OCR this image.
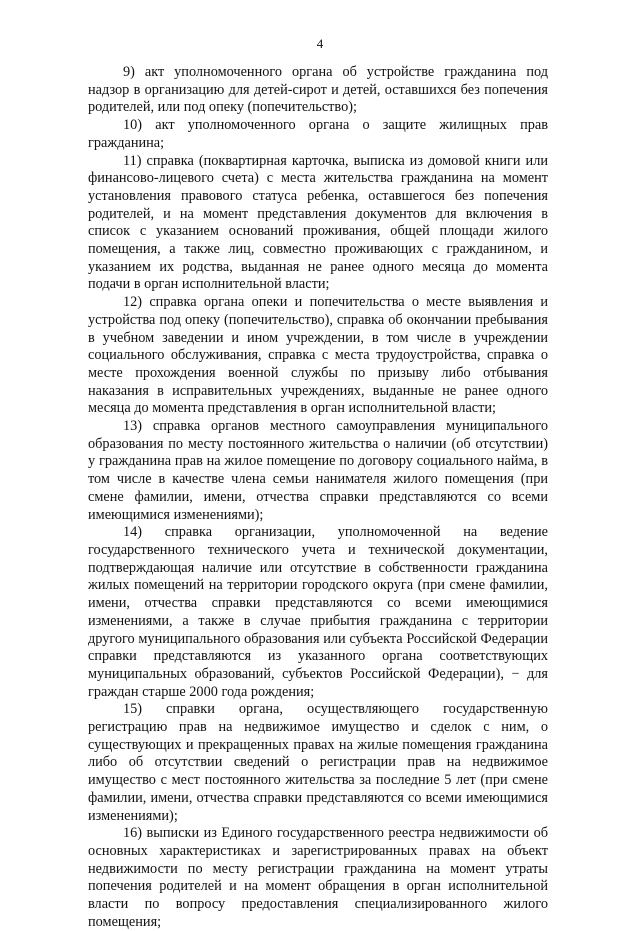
4

9) акт уполномоченного органа об устройстве гражданина под надзор в организацию для детей-сирот и детей, оставшихся без попечения родителей, или под опеку (попечительство);

10) акт уполномоченного органа о защите жилищных прав гражданина;

11) справка (поквартирная карточка, выписка из домовой книги или финансово-лицевого счета) с места жительства гражданина на момент установления правового статуса ребенка, оставшегося без попечения родителей, и на момент представления документов для включения в список с указанием оснований проживания, общей площади жилого помещения, а также лиц, совместно проживающих с гражданином, и указанием их родства, выданная не ранее одного месяца до момента подачи в орган исполнительной власти;

12) справка органа опеки и попечительства о месте выявления и устройства под опеку (попечительство), справка об окончании пребывания в учебном заведении и ином учреждении, в том числе в учреждении социального обслуживания, справка с места трудоустройства, справка о месте прохождения военной службы по призыву либо отбывания наказания в исправительных учреждениях, выданные не ранее одного месяца до момента представления в орган исполнительной власти;

13) справка органов местного самоуправления муниципального образования по месту постоянного жительства о наличии (об отсутствии) у гражданина прав на жилое помещение по договору социального найма, в том числе в качестве члена семьи нанимателя жилого помещения (при смене фамилии, имени, отчества справки представляются со всеми имеющимися изменениями);

14) справка организации, уполномоченной на ведение государственного технического учета и технической документации, подтверждающая наличие или отсутствие в собственности гражданина жилых помещений на территории городского округа (при смене фамилии, имени, отчества справки представляются со всеми имеющимися изменениями, а также в случае прибытия гражданина с территории другого муниципального образования или субъекта Российской Федерации справки представляются из указанного органа соответствующих муниципальных образований, субъектов Российской Федерации), − для граждан старше 2000 года рождения;

15) справки органа, осуществляющего государственную регистрацию прав на недвижимое имущество и сделок с ним, о существующих и прекращенных правах на жилые помещения гражданина либо об отсутствии сведений о регистрации прав на недвижимое имущество с мест постоянного жительства за последние 5 лет (при смене фамилии, имени, отчества справки представляются со всеми имеющимися изменениями);

16) выписки из Единого государственного реестра недвижимости об основных характеристиках и зарегистрированных правах на объект недвижимости по месту регистрации гражданина на момент утраты попечения родителей и на момент обращения в орган исполнительной власти по вопросу предоставления специализированного жилого помещения;
